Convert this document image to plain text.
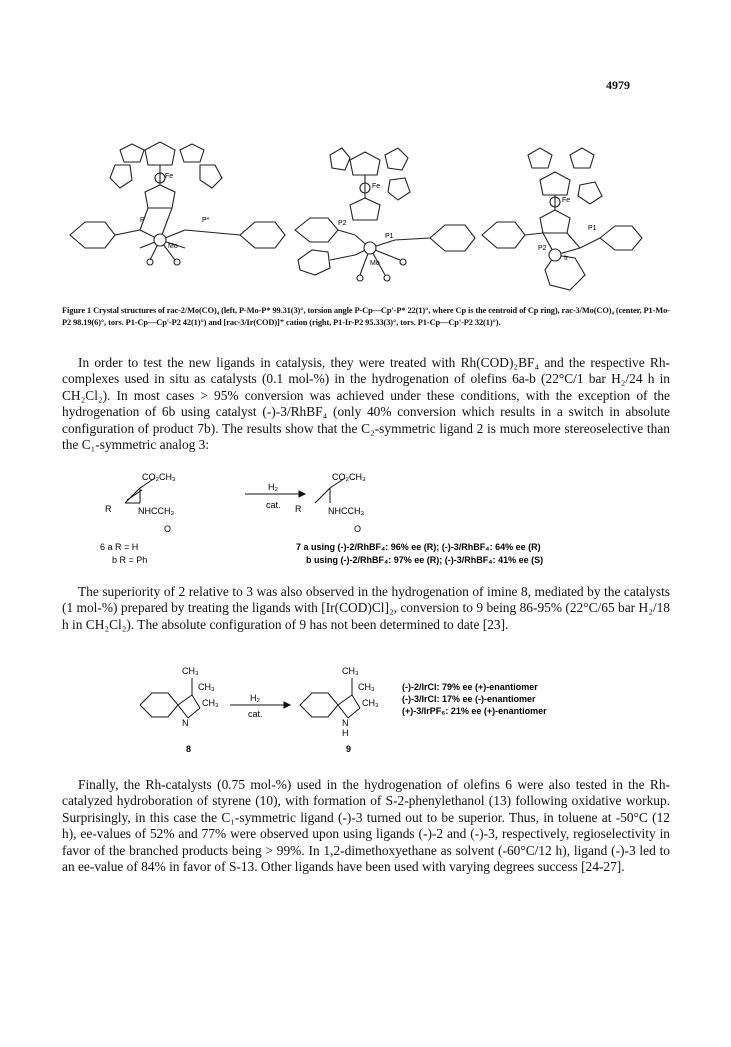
4979
Fe
P	P*
Mo
Fe
P2
P1
Mo
Fe
P1
P2
Ir
Figure 1 Crystal structures of rac-2/Mo(CO)₄ (left, P-Mo-P* 99.31(3)°, torsion angle P-Cp—Cp'-P* 22(1)°, where Cp is the centroid of Cp ring), rac-3/Mo(CO)₄ (center, P1-Mo-P2 98.19(6)°, tors. P1-Cp—Cp'-P2 42(1)°) and [rac-3/Ir(COD)]⁺ cation (right, P1-Ir-P2 95.33(3)°, tors. P1-Cp—Cp'-P2 32(1)°).
In order to test the new ligands in catalysis, they were treated with Rh(COD)₂BF₄ and the respective Rh-complexes used in situ as catalysts (0.1 mol-%) in the hydrogenation of olefins 6a-b (22°C/1 bar H₂/24 h in CH₂Cl₂). In most cases > 95% conversion was achieved under these conditions, with the exception of the hydrogenation of 6b using catalyst (-)-3/RhBF₄ (only 40% conversion which results in a switch in absolute configuration of product 7b). The results show that the C₂-symmetric ligand 2 is much more stereoselective than the C₁-symmetric analog 3:
CO₂CH₃
R	NHCCH₃
O
H₂
cat.
CO₂CH₃
R	NHCCH₃
O
6 a R = H
b R = Ph
7 a using (-)-2/RhBF₄: 96% ee (R); (-)-3/RhBF₄: 64% ee (R)
b using (-)-2/RhBF₄: 97% ee (R); (-)-3/RhBF₄: 41% ee (S)
The superiority of 2 relative to 3 was also observed in the hydrogenation of imine 8, mediated by the catalysts (1 mol-%) prepared by treating the ligands with [Ir(COD)Cl]₂, conversion to 9 being 86-95% (22°C/65 bar H₂/18 h in CH₂Cl₂). The absolute configuration of 9 has not been determined to date [23].
CH₃
CH₃
CH₃
N
8
H₂
cat.
CH₃
CH₃
CH₃
N
H
9
(-)-2/IrCl: 79% ee (+)-enantiomer
(-)-3/IrCl: 17% ee (-)-enantiomer
(+)-3/IrPF₆: 21% ee (+)-enantiomer
Finally, the Rh-catalysts (0.75 mol-%) used in the hydrogenation of olefins 6 were also tested in the Rh-catalyzed hydroboration of styrene (10), with formation of S-2-phenylethanol (13) following oxidative workup. Surprisingly, in this case the C₁-symmetric ligand (-)-3 turned out to be superior. Thus, in toluene at -50°C (12 h), ee-values of 52% and 77% were observed upon using ligands (-)-2 and (-)-3, respectively, regioselectivity in favor of the branched products being > 99%. In 1,2-dimethoxyethane as solvent (-60°C/12 h), ligand (-)-3 led to an ee-value of 84% in favor of S-13. Other ligands have been used with varying degrees success [24-27].
